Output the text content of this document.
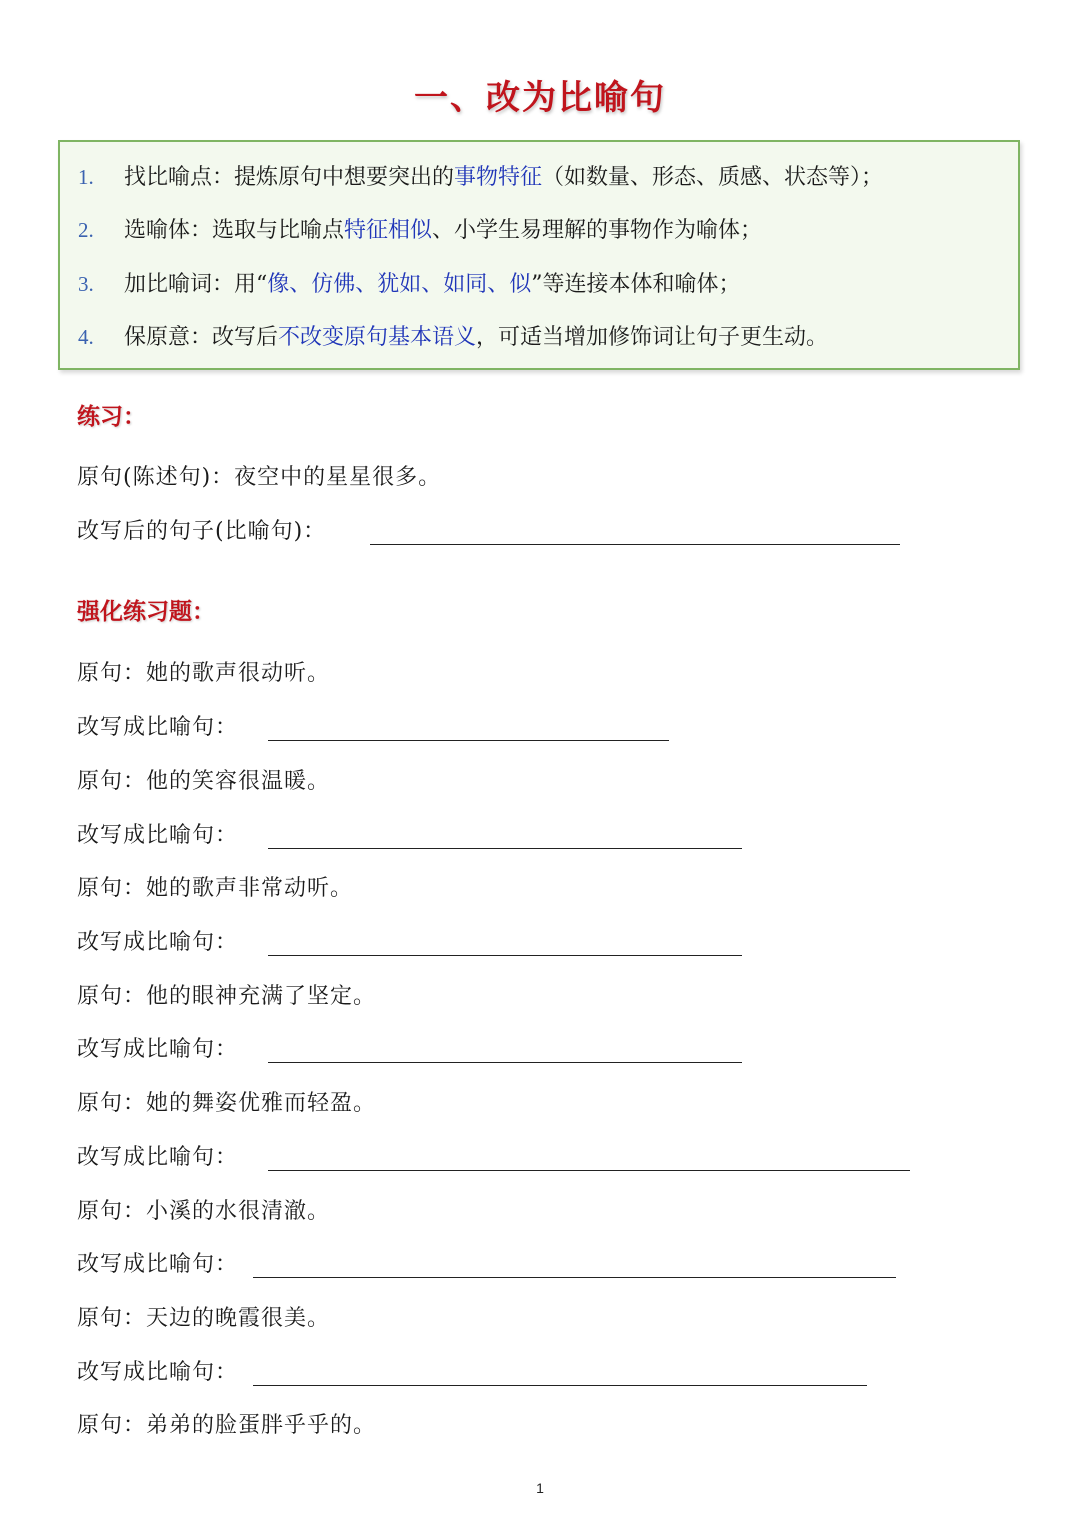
一、改为比喻句
1. 找比喻点：提炼原句中想要突出的事物特征（如数量、形态、质感、状态等）；
2. 选喻体：选取与比喻点特征相似、小学生易理解的事物作为喻体；
3. 加比喻词：用“像、仿佛、犹如、如同、似”等连接本体和喻体；
4. 保原意：改写后不改变原句基本语义，可适当增加修饰词让句子更生动。
练习：
原句(陈述句)：夜空中的星星很多。
改写后的句子(比喻句)：
强化练习题：
原句：她的歌声很动听。
改写成比喻句：
原句：他的笑容很温暖。
改写成比喻句：
原句：她的歌声非常动听。
改写成比喻句：
原句：他的眼神充满了坚定。
改写成比喻句：
原句：她的舞姿优雅而轻盈。
改写成比喻句：
原句：小溪的水很清澈。
改写成比喻句：
原句：天边的晚霞很美。
改写成比喻句：
原句：弟弟的脸蛋胖乎乎的。
1
